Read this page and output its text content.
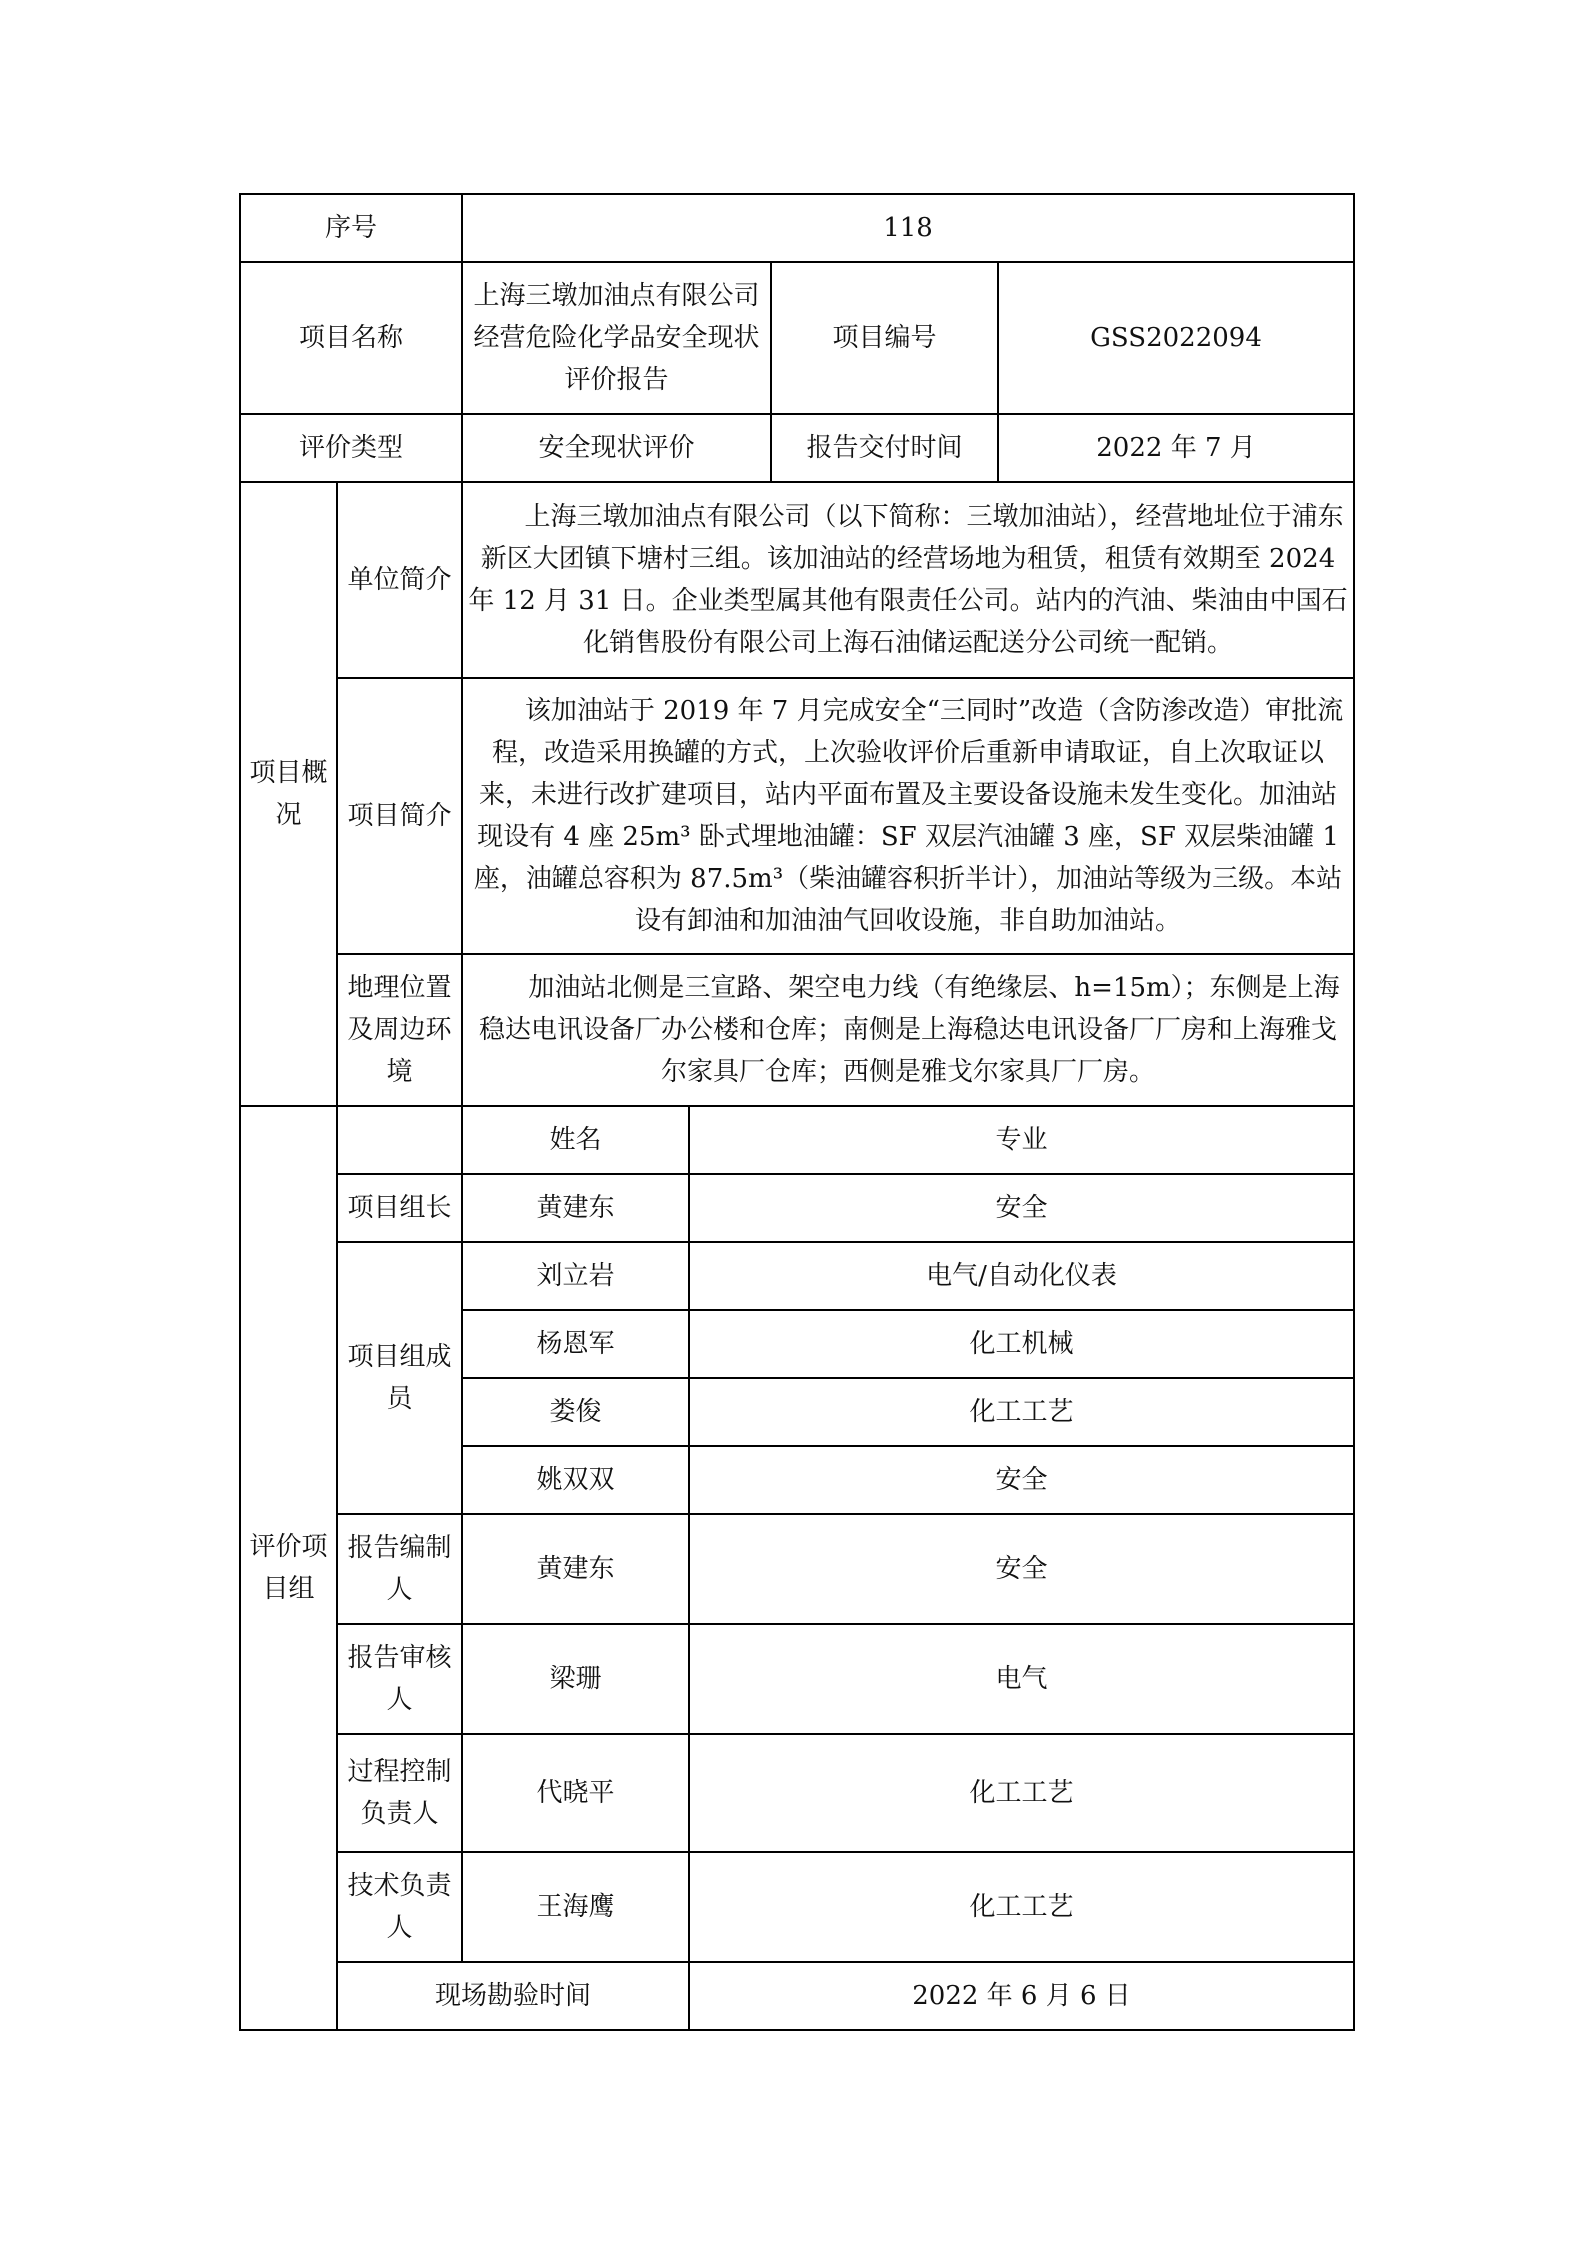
序号		118			
项目名称		上海三墩加油点有限公司经营危险化学品安全现状评价报告		项目编号	GSS2022094
评价类型		安全现状评价		报告交付时间	2022 年 7 月
项目概况	单位简介	上海三墩加油点有限公司（以下简称：三墩加油站），经营地址位于浦东新区大团镇下塘村三组。该加油站的经营场地为租赁，租赁有效期至 2024 年 12 月 31 日。企业类型属其他有限责任公司。站内的汽油、柴油由中国石化销售股份有限公司上海石油储运配送分公司统一配销。			

	项目简介	该加油站于 2019 年 7 月完成安全“三同时”改造（含防渗改造）审批流程，改造采用换罐的方式，上次验收评价后重新申请取证，自上次取证以来，未进行改扩建项目，站内平面布置及主要设备设施未发生变化。加油站现设有 4 座 25m³ 卧式埋地油罐：SF 双层汽油罐 3 座，SF 双层柴油罐 1 座，油罐总容积为 87.5m³（柴油罐容积折半计），加油站等级为三级。本站设有卸油和加油油气回收设施，非自助加油站。			

	地理位置及周边环境	加油站北侧是三宣路、架空电力线（有绝缘层、h=15m）；东侧是上海稳达电讯设备厂办公楼和仓库；南侧是上海稳达电讯设备厂厂房和上海雅戈尔家具厂仓库；西侧是雅戈尔家具厂厂房。			

评价项目组		姓名	专业		
	项目组长	黄建东	安全		
	项目组成员	刘立岩	电气/自动化仪表		
		杨恩军	化工机械		
		娄俊	化工工艺		
		姚双双	安全		
	报告编制人	黄建东	安全		
	报告审核人	梁珊	电气		
	过程控制负责人	代晓平	化工工艺		
	技术负责人	王海鹰	化工工艺		
	现场勘验时间		2022 年 6 月 6 日		
